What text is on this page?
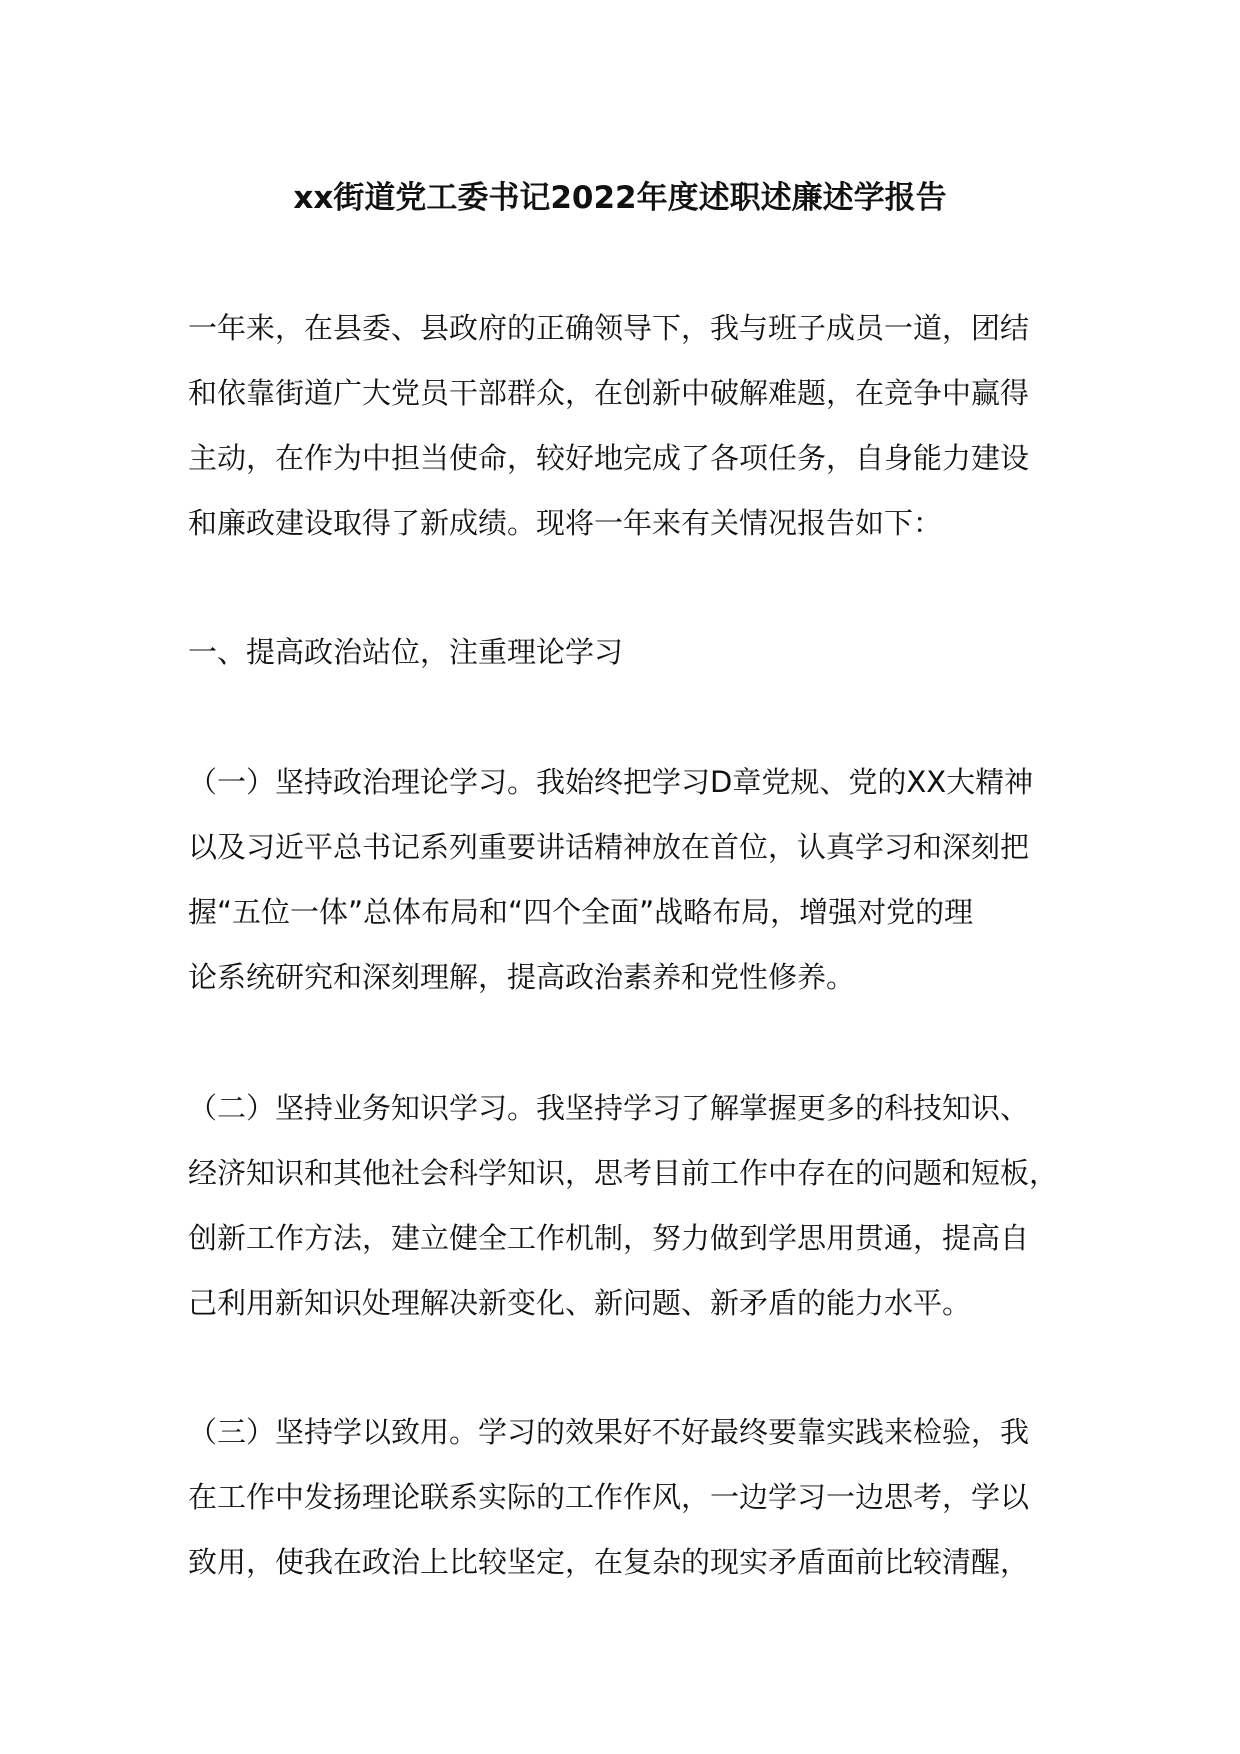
xx街道党工委书记2022年度述职述廉述学报告

一年来，在县委、县政府的正确领导下，我与班子成员一道，团结
和依靠街道广大党员干部群众，在创新中破解难题，在竞争中赢得
主动，在作为中担当使命，较好地完成了各项任务，自身能力建设
和廉政建设取得了新成绩。现将一年来有关情况报告如下：

一、提高政治站位，注重理论学习

（一）坚持政治理论学习。我始终把学习D章党规、党的XX大精神
以及习近平总书记系列重要讲话精神放在首位，认真学习和深刻把
握“五位一体”总体布局和“四个全面”战略布局，增强对党的理
论系统研究和深刻理解，提高政治素养和党性修养。

（二）坚持业务知识学习。我坚持学习了解掌握更多的科技知识、
经济知识和其他社会科学知识，思考目前工作中存在的问题和短板，
创新工作方法，建立健全工作机制，努力做到学思用贯通，提高自
己利用新知识处理解决新变化、新问题、新矛盾的能力水平。

（三）坚持学以致用。学习的效果好不好最终要靠实践来检验，我
在工作中发扬理论联系实际的工作作风，一边学习一边思考，学以
致用，使我在政治上比较坚定，在复杂的现实矛盾面前比较清醒，
